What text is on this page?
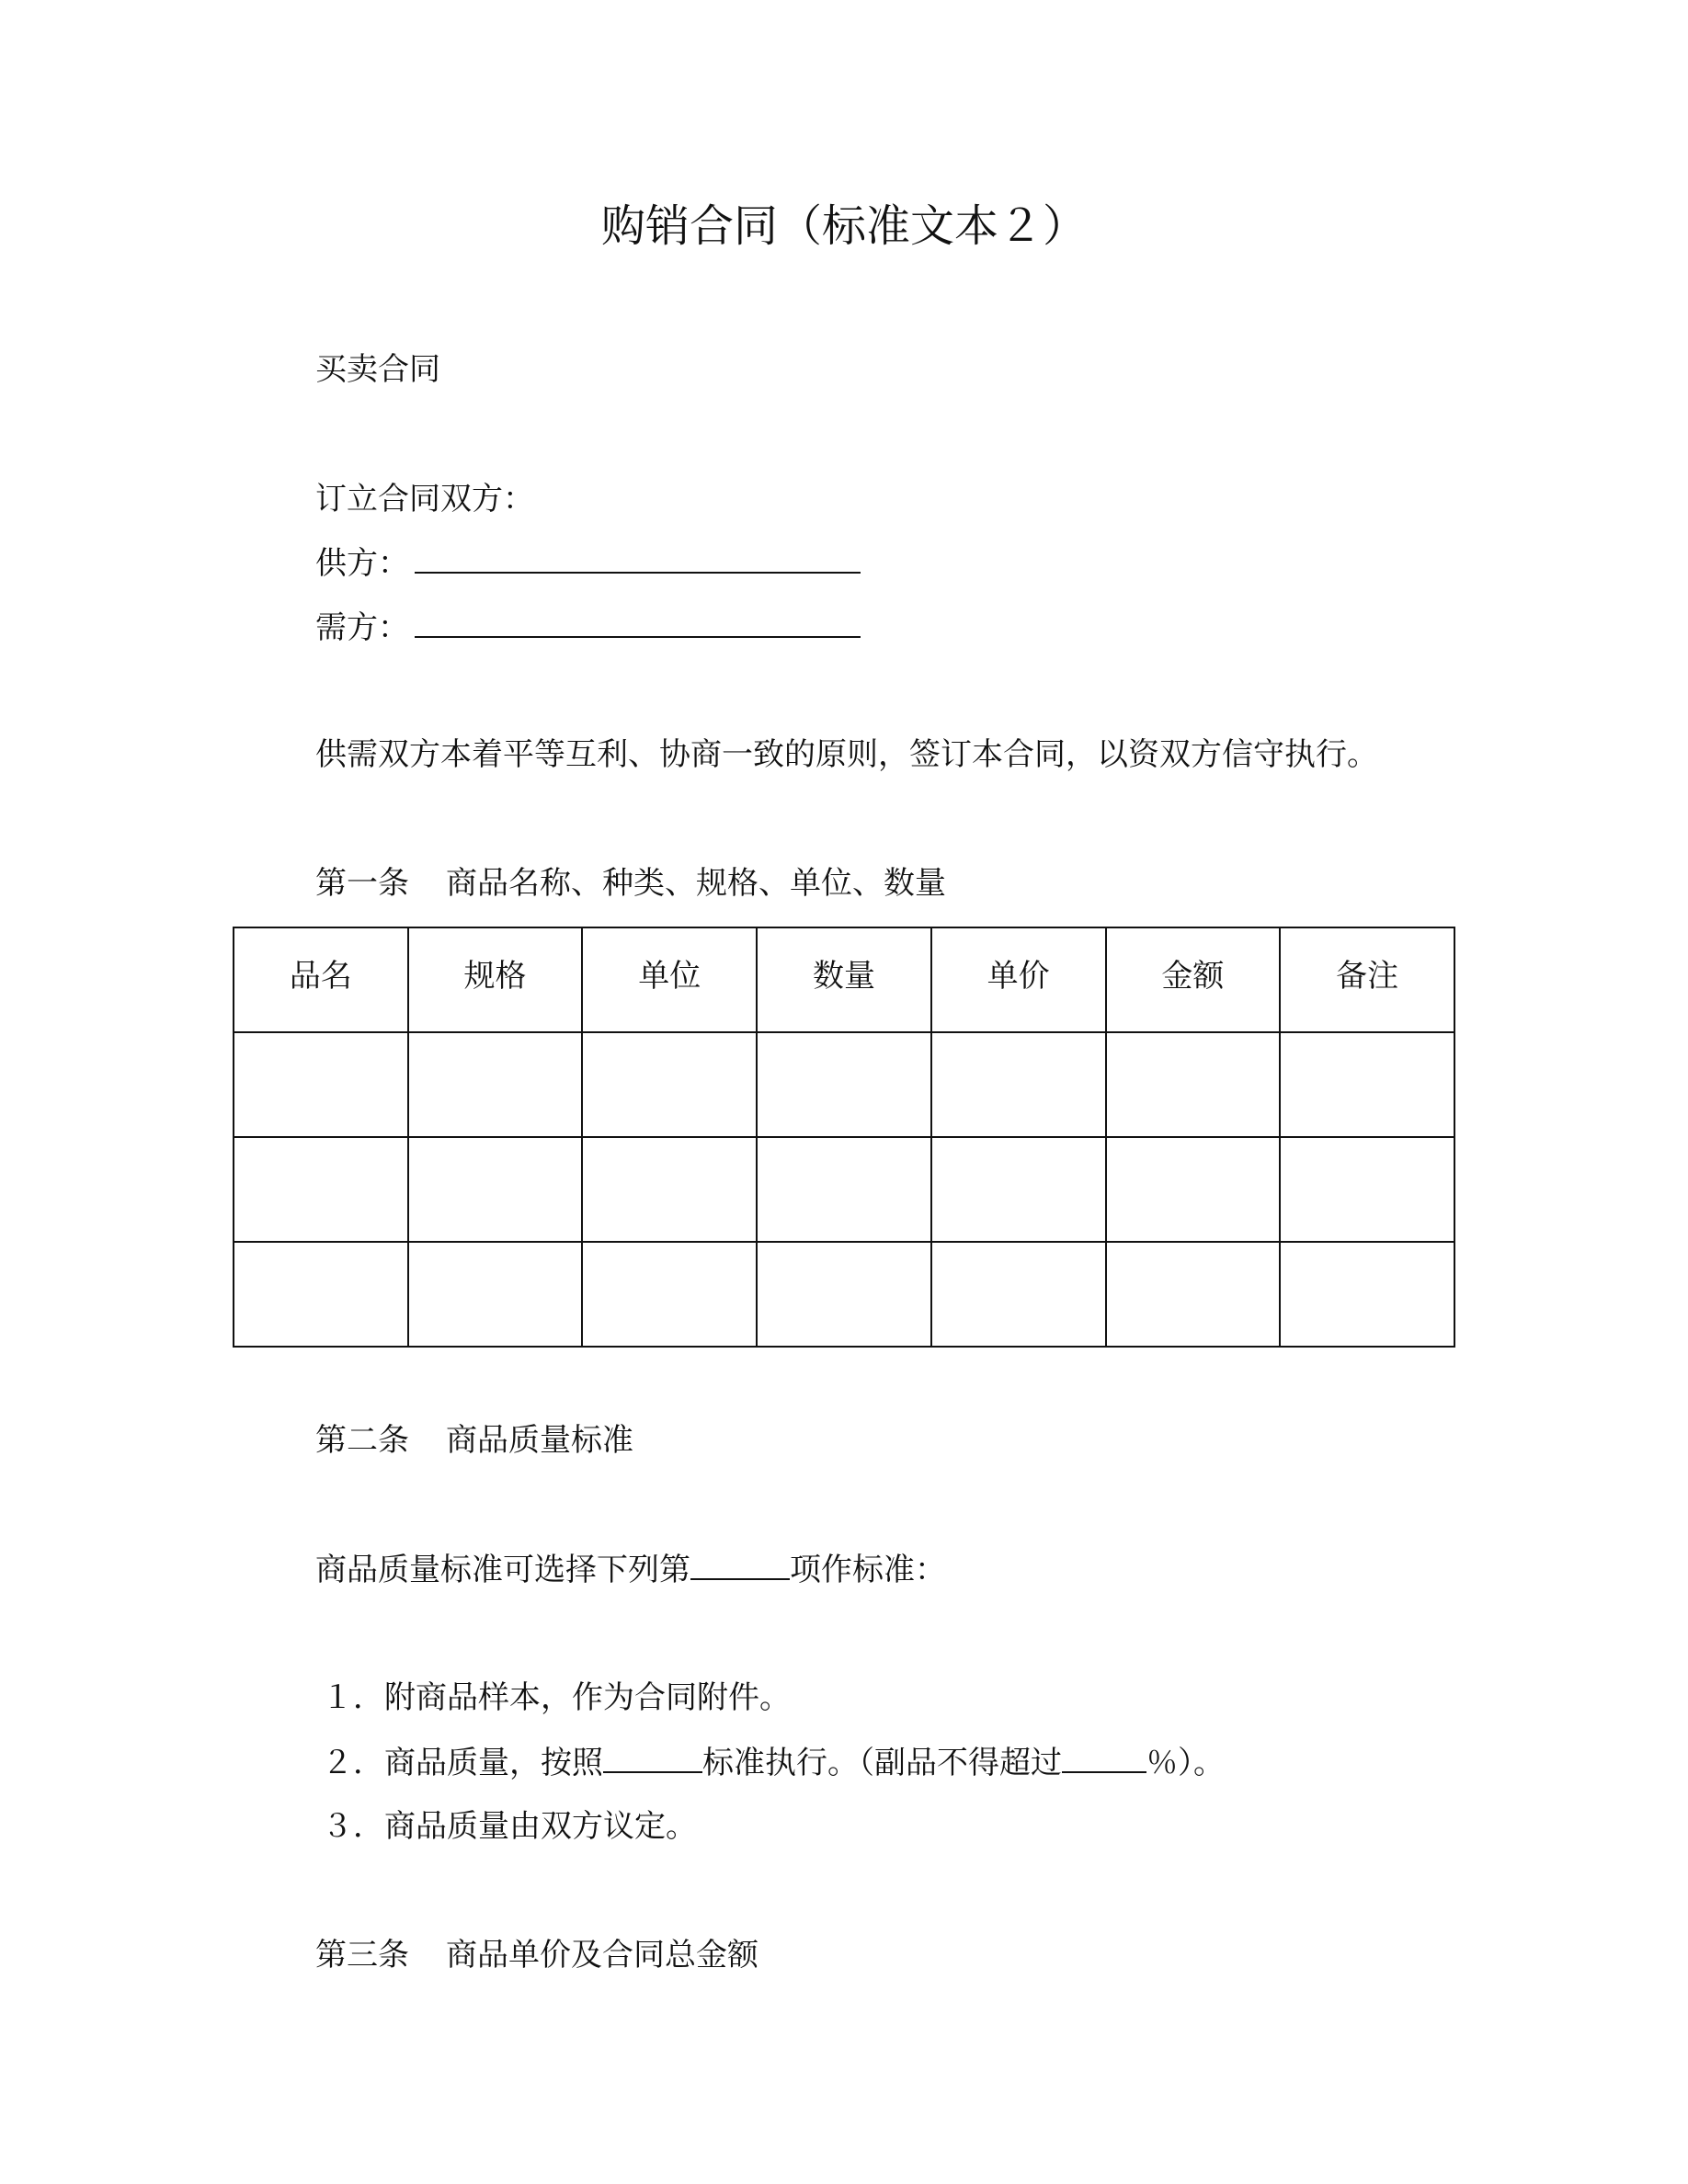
购销合同（标准文本２）
买卖合同
订立合同双方：
供方：
需方：
供需双方本着平等互利、协商一致的原则，签订本合同，以资双方信守执行。
第一条 商品名称、种类、规格、单位、数量
品名	规格	单位	数量	单价	金额	备注

第二条 商品质量标准
商品质量标准可选择下列第	项作标准：
１．附商品样本，作为合同附件。
２．商品质量，按照	标准执行。（副品不得超过	％）。
３．商品质量由双方议定。
第三条 商品单价及合同总金额
